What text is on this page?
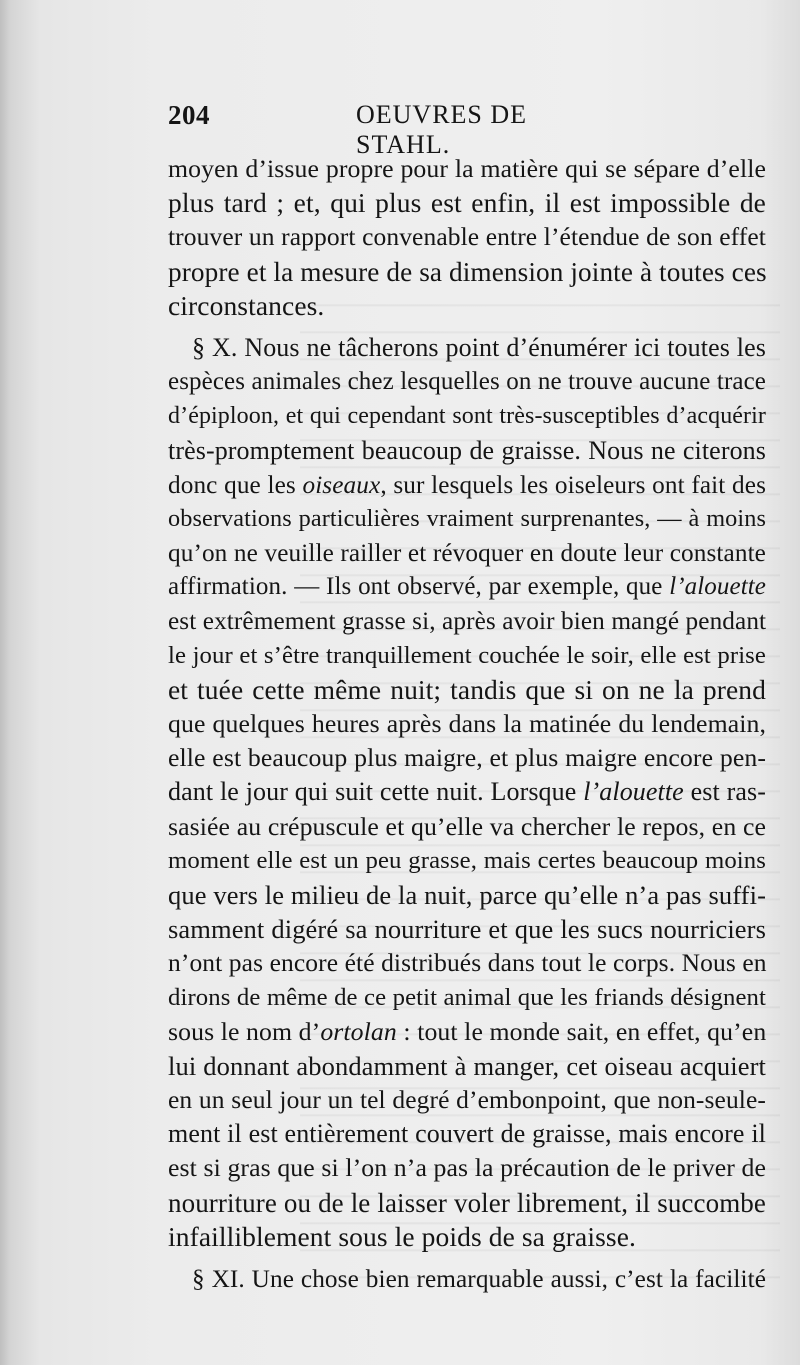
204	OEUVRES DE STAHL.
moyen d’issue propre pour la matière qui se sépare d’elle
plus tard ; et, qui plus est enfin, il est impossible de
trouver un rapport convenable entre l’étendue de son effet
propre et la mesure de sa dimension jointe à toutes ces
circonstances.
§ X. Nous ne tâcherons point d’énumérer ici toutes les
espèces animales chez lesquelles on ne trouve aucune trace
d’épiploon, et qui cependant sont très-susceptibles d’acquérir
très-promptement beaucoup de graisse. Nous ne citerons
donc que les oiseaux, sur lesquels les oiseleurs ont fait des
observations particulières vraiment surprenantes, — à moins
qu’on ne veuille railler et révoquer en doute leur constante
affirmation. — Ils ont observé, par exemple, que l’alouette
est extrêmement grasse si, après avoir bien mangé pendant
le jour et s’être tranquillement couchée le soir, elle est prise
et tuée cette même nuit; tandis que si on ne la prend
que quelques heures après dans la matinée du lendemain,
elle est beaucoup plus maigre, et plus maigre encore pen-
dant le jour qui suit cette nuit. Lorsque l’alouette est ras-
sasiée au crépuscule et qu’elle va chercher le repos, en ce
moment elle est un peu grasse, mais certes beaucoup moins
que vers le milieu de la nuit, parce qu’elle n’a pas suffi-
samment digéré sa nourriture et que les sucs nourriciers
n’ont pas encore été distribués dans tout le corps. Nous en
dirons de même de ce petit animal que les friands désignent
sous le nom d’ortolan : tout le monde sait, en effet, qu’en
lui donnant abondamment à manger, cet oiseau acquiert
en un seul jour un tel degré d’embonpoint, que non-seule-
ment il est entièrement couvert de graisse, mais encore il
est si gras que si l’on n’a pas la précaution de le priver de
nourriture ou de le laisser voler librement, il succombe
infailliblement sous le poids de sa graisse.
§ XI. Une chose bien remarquable aussi, c’est la facilité
